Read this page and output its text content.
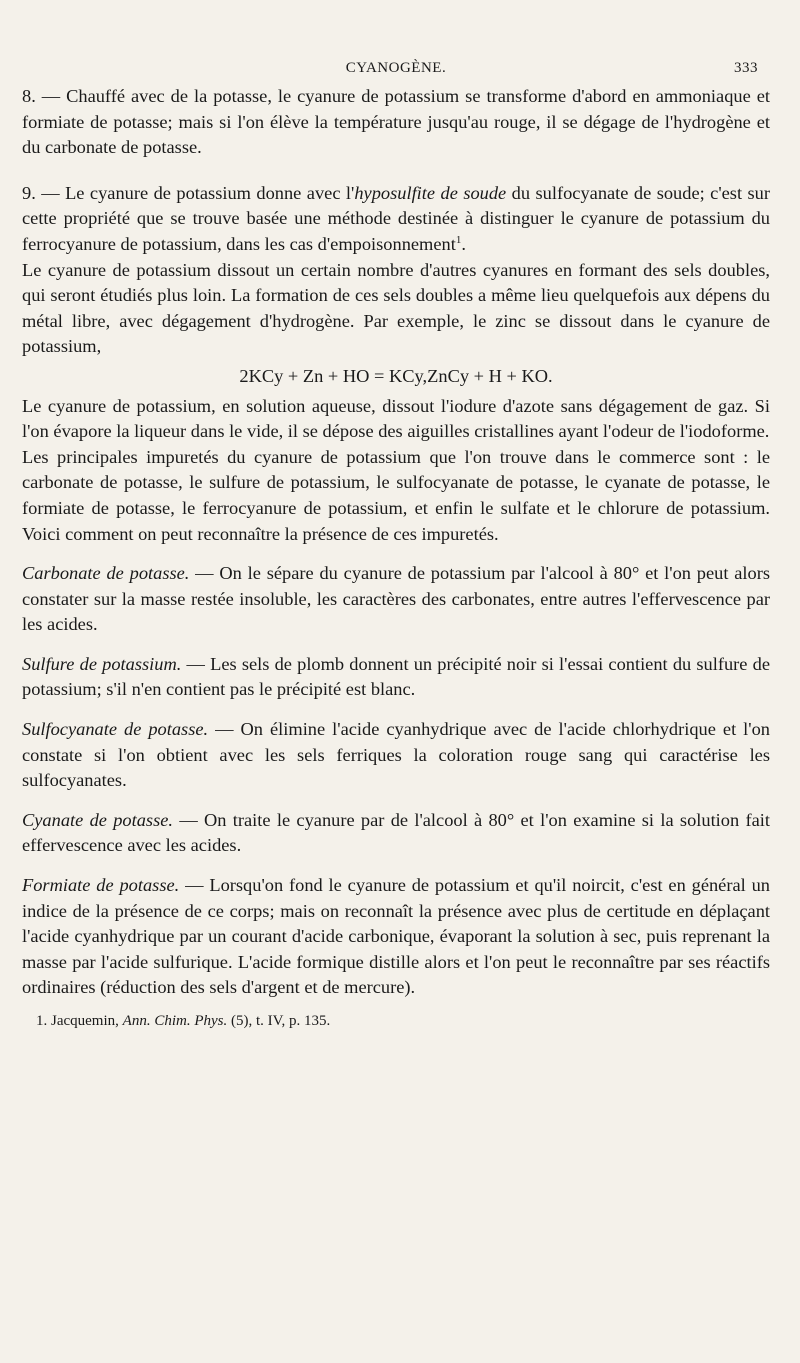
CYANOGÈNE.	333

8. — Chauffé avec de la potasse, le cyanure de potassium se transforme d'abord en ammoniaque et formiate de potasse; mais si l'on élève la température jusqu'au rouge, il se dégage de l'hydrogène et du carbonate de potasse.

9. — Le cyanure de potassium donne avec l'hyposulfite de soude du sulfocyanate de soude; c'est sur cette propriété que se trouve basée une méthode destinée à distinguer le cyanure de potassium du ferrocyanure de potassium, dans les cas d'empoisonnement$^1$.

Le cyanure de potassium dissout un certain nombre d'autres cyanures en formant des sels doubles, qui seront étudiés plus loin. La formation de ces sels doubles a même lieu quelquefois aux dépens du métal libre, avec dégagement d'hydrogène. Par exemple, le zinc se dissout dans le cyanure de potassium,

2KCy + Zn + HO = KCy,ZnCy + H + KO.

Le cyanure de potassium, en solution aqueuse, dissout l'iodure d'azote sans dégagement de gaz. Si l'on évapore la liqueur dans le vide, il se dépose des aiguilles cristallines ayant l'odeur de l'iodoforme.

Les principales impuretés du cyanure de potassium que l'on trouve dans le commerce sont : le carbonate de potasse, le sulfure de potassium, le sulfocyanate de potasse, le cyanate de potasse, le formiate de potasse, le ferrocyanure de potassium, et enfin le sulfate et le chlorure de potassium. Voici comment on peut reconnaître la présence de ces impuretés.

Carbonate de potasse. — On le sépare du cyanure de potassium par l'alcool à 80° et l'on peut alors constater sur la masse restée insoluble, les caractères des carbonates, entre autres l'effervescence par les acides.

Sulfure de potassium. — Les sels de plomb donnent un précipité noir si l'essai contient du sulfure de potassium; s'il n'en contient pas le précipité est blanc.

Sulfocyanate de potasse. — On élimine l'acide cyanhydrique avec de l'acide chlorhydrique et l'on constate si l'on obtient avec les sels ferriques la coloration rouge sang qui caractérise les sulfocyanates.

Cyanate de potasse. — On traite le cyanure par de l'alcool à 80° et l'on examine si la solution fait effervescence avec les acides.

Formiate de potasse. — Lorsqu'on fond le cyanure de potassium et qu'il noircit, c'est en général un indice de la présence de ce corps; mais on reconnaît la présence avec plus de certitude en déplaçant l'acide cyanhydrique par un courant d'acide carbonique, évaporant la solution à sec, puis reprenant la masse par l'acide sulfurique. L'acide formique distille alors et l'on peut le reconnaître par ses réactifs ordinaires (réduction des sels d'argent et de mercure).

1. Jacquemin, Ann. Chim. Phys. (5), t. IV, p. 135.
